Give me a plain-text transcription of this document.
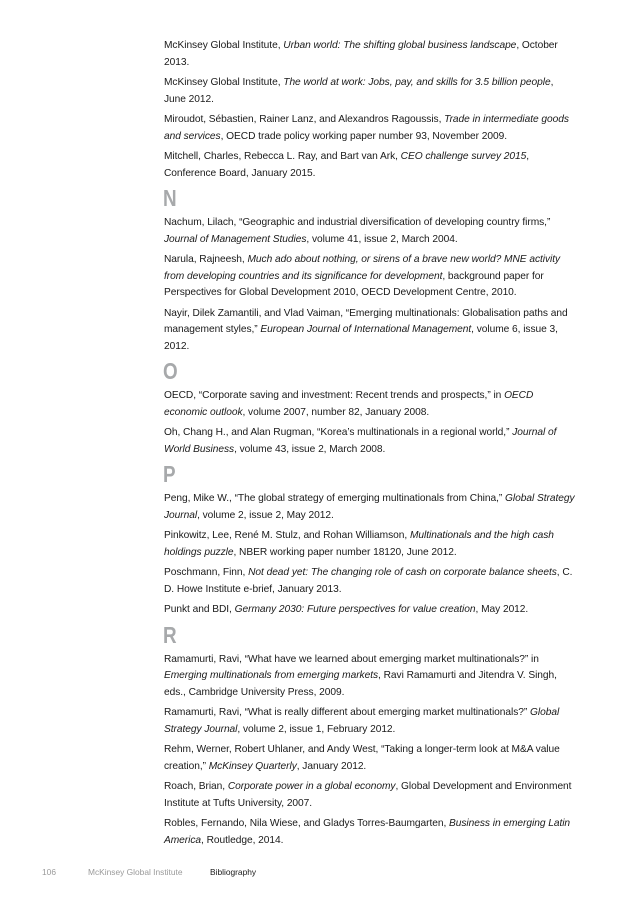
McKinsey Global Institute, Urban world: The shifting global business landscape, October 2013.

McKinsey Global Institute, The world at work: Jobs, pay, and skills for 3.5 billion people, June 2012.

Miroudot, Sébastien, Rainer Lanz, and Alexandros Ragoussis, Trade in intermediate goods and services, OECD trade policy working paper number 93, November 2009.

Mitchell, Charles, Rebecca L. Ray, and Bart van Ark, CEO challenge survey 2015, Conference Board, January 2015.

N

Nachum, Lilach, “Geographic and industrial diversification of developing country firms,” Journal of Management Studies, volume 41, issue 2, March 2004.

Narula, Rajneesh, Much ado about nothing, or sirens of a brave new world? MNE activity from developing countries and its significance for development, background paper for Perspectives for Global Development 2010, OECD Development Centre, 2010.

Nayir, Dilek Zamantili, and Vlad Vaiman, “Emerging multinationals: Globalisation paths and management styles,” European Journal of International Management, volume 6, issue 3, 2012.

O

OECD, “Corporate saving and investment: Recent trends and prospects,” in OECD economic outlook, volume 2007, number 82, January 2008.

Oh, Chang H., and Alan Rugman, “Korea’s multinationals in a regional world,” Journal of World Business, volume 43, issue 2, March 2008.

P

Peng, Mike W., “The global strategy of emerging multinationals from China,” Global Strategy Journal, volume 2, issue 2, May 2012.

Pinkowitz, Lee, René M. Stulz, and Rohan Williamson, Multinationals and the high cash holdings puzzle, NBER working paper number 18120, June 2012.

Poschmann, Finn, Not dead yet: The changing role of cash on corporate balance sheets, C. D. Howe Institute e-brief, January 2013.

Punkt and BDI, Germany 2030: Future perspectives for value creation, May 2012.

R

Ramamurti, Ravi, “What have we learned about emerging market multinationals?” in Emerging multinationals from emerging markets, Ravi Ramamurti and Jitendra V. Singh, eds., Cambridge University Press, 2009.

Ramamurti, Ravi, “What is really different about emerging market multinationals?” Global Strategy Journal, volume 2, issue 1, February 2012.

Rehm, Werner, Robert Uhlaner, and Andy West, “Taking a longer-term look at M&A value creation,” McKinsey Quarterly, January 2012.

Roach, Brian, Corporate power in a global economy, Global Development and Environment Institute at Tufts University, 2007.

Robles, Fernando, Nila Wiese, and Gladys Torres-Baumgarten, Business in emerging Latin America, Routledge, 2014.

106	McKinsey Global Institute	Bibliography
